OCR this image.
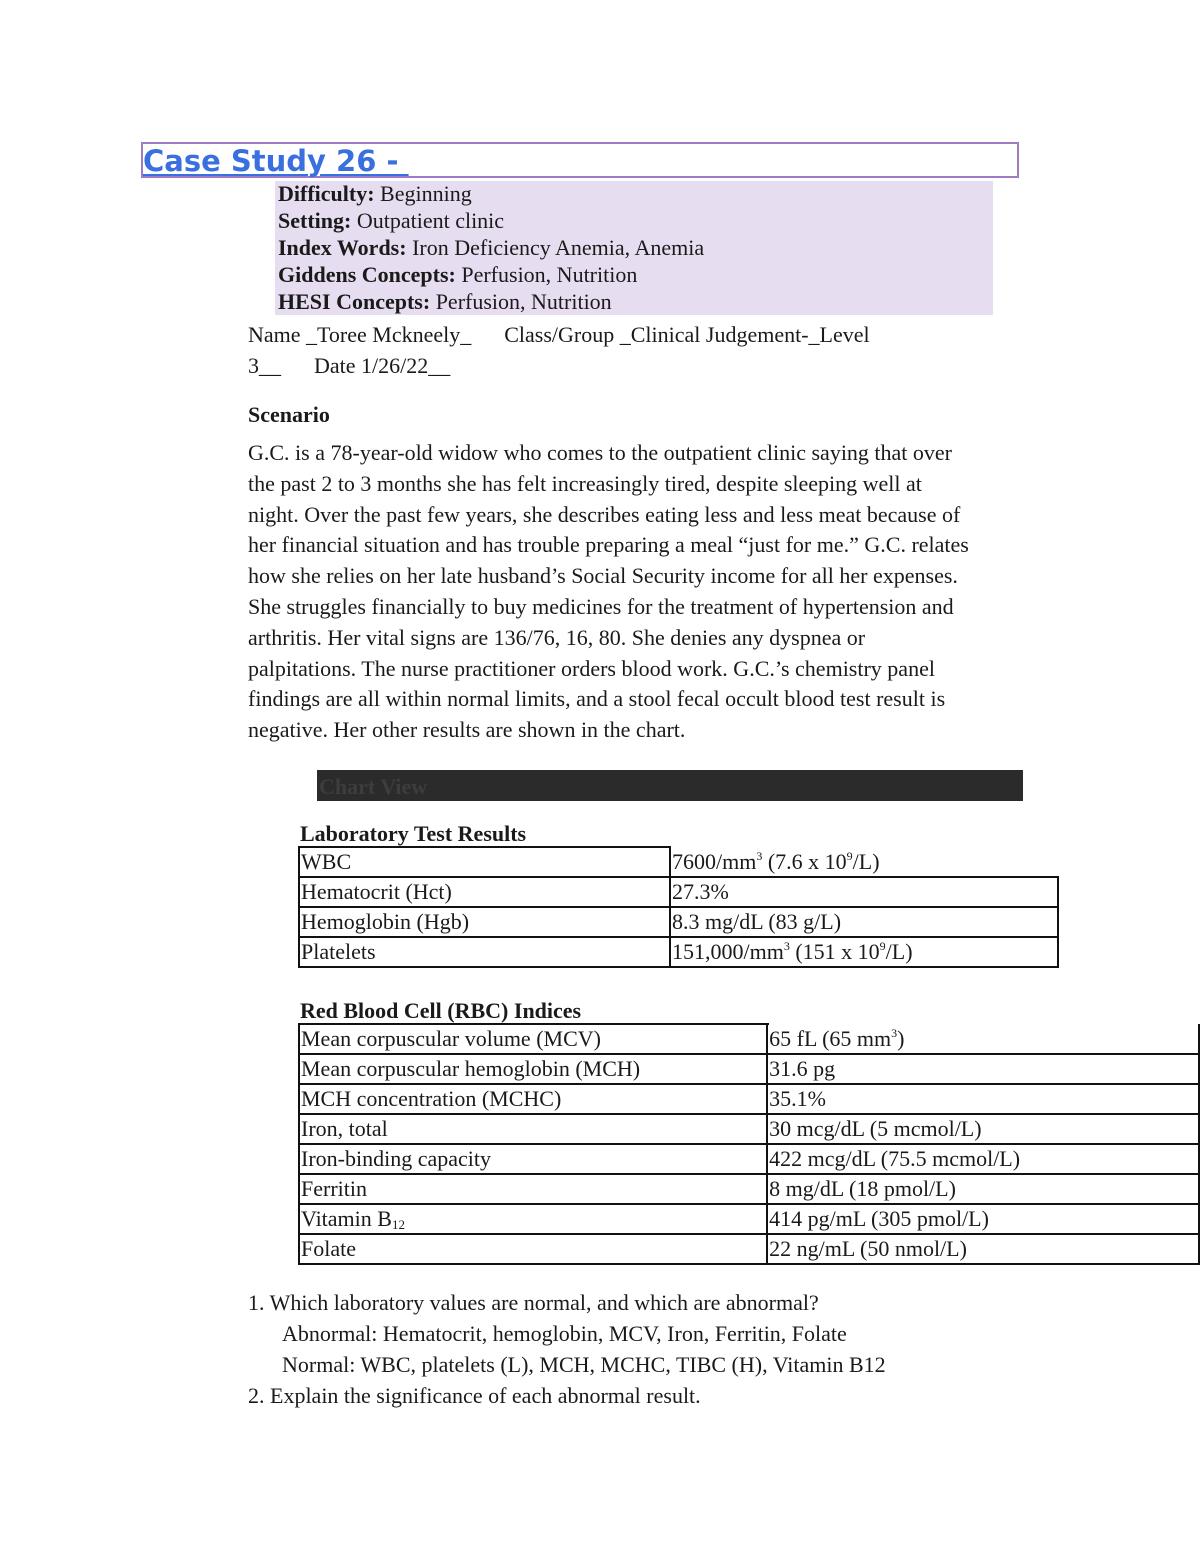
Case Study 26 -
Difficulty: Beginning
Setting: Outpatient clinic
Index Words: Iron Deficiency Anemia, Anemia
Giddens Concepts: Perfusion, Nutrition
HESI Concepts: Perfusion, Nutrition
Name _Toree Mckneely_      Class/Group _Clinical Judgement-_Level
3__      Date 1/26/22__
Scenario
G.C. is a 78-year-old widow who comes to the outpatient clinic saying that over
the past 2 to 3 months she has felt increasingly tired, despite sleeping well at
night. Over the past few years, she describes eating less and less meat because of
her financial situation and has trouble preparing a meal “just for me.” G.C. relates
how she relies on her late husband’s Social Security income for all her expenses.
She struggles financially to buy medicines for the treatment of hypertension and
arthritis. Her vital signs are 136/76, 16, 80. She denies any dyspnea or
palpitations. The nurse practitioner orders blood work. G.C.’s chemistry panel
findings are all within normal limits, and a stool fecal occult blood test result is
negative. Her other results are shown in the chart.
Chart View
Laboratory Test Results
WBC	$7600/mm^3$ (7.6 x $10^9/L$)
Hematocrit (Hct)	27.3%
Hemoglobin (Hgb)	8.3 mg/dL (83 g/L)
Platelets	$151,000/mm^3$ (151 x $10^9/L$)
Red Blood Cell (RBC) Indices
Mean corpuscular volume (MCV)	65 fL (65 $mm^3$)
Mean corpuscular hemoglobin (MCH)	31.6 pg
MCH concentration (MCHC)	35.1%
Iron, total	30 mcg/dL (5 mcmol/L)
Iron-binding capacity	422 mcg/dL (75.5 mcmol/L)
Ferritin	8 mg/dL (18 pmol/L)
Vitamin $B_{12}$	414 pg/mL (305 pmol/L)
Folate	22 ng/mL (50 nmol/L)
1. Which laboratory values are normal, and which are abnormal?
Abnormal: Hematocrit, hemoglobin, MCV, Iron, Ferritin, Folate
Normal: WBC, platelets (L), MCH, MCHC, TIBC (H), Vitamin B12
2. Explain the significance of each abnormal result.
